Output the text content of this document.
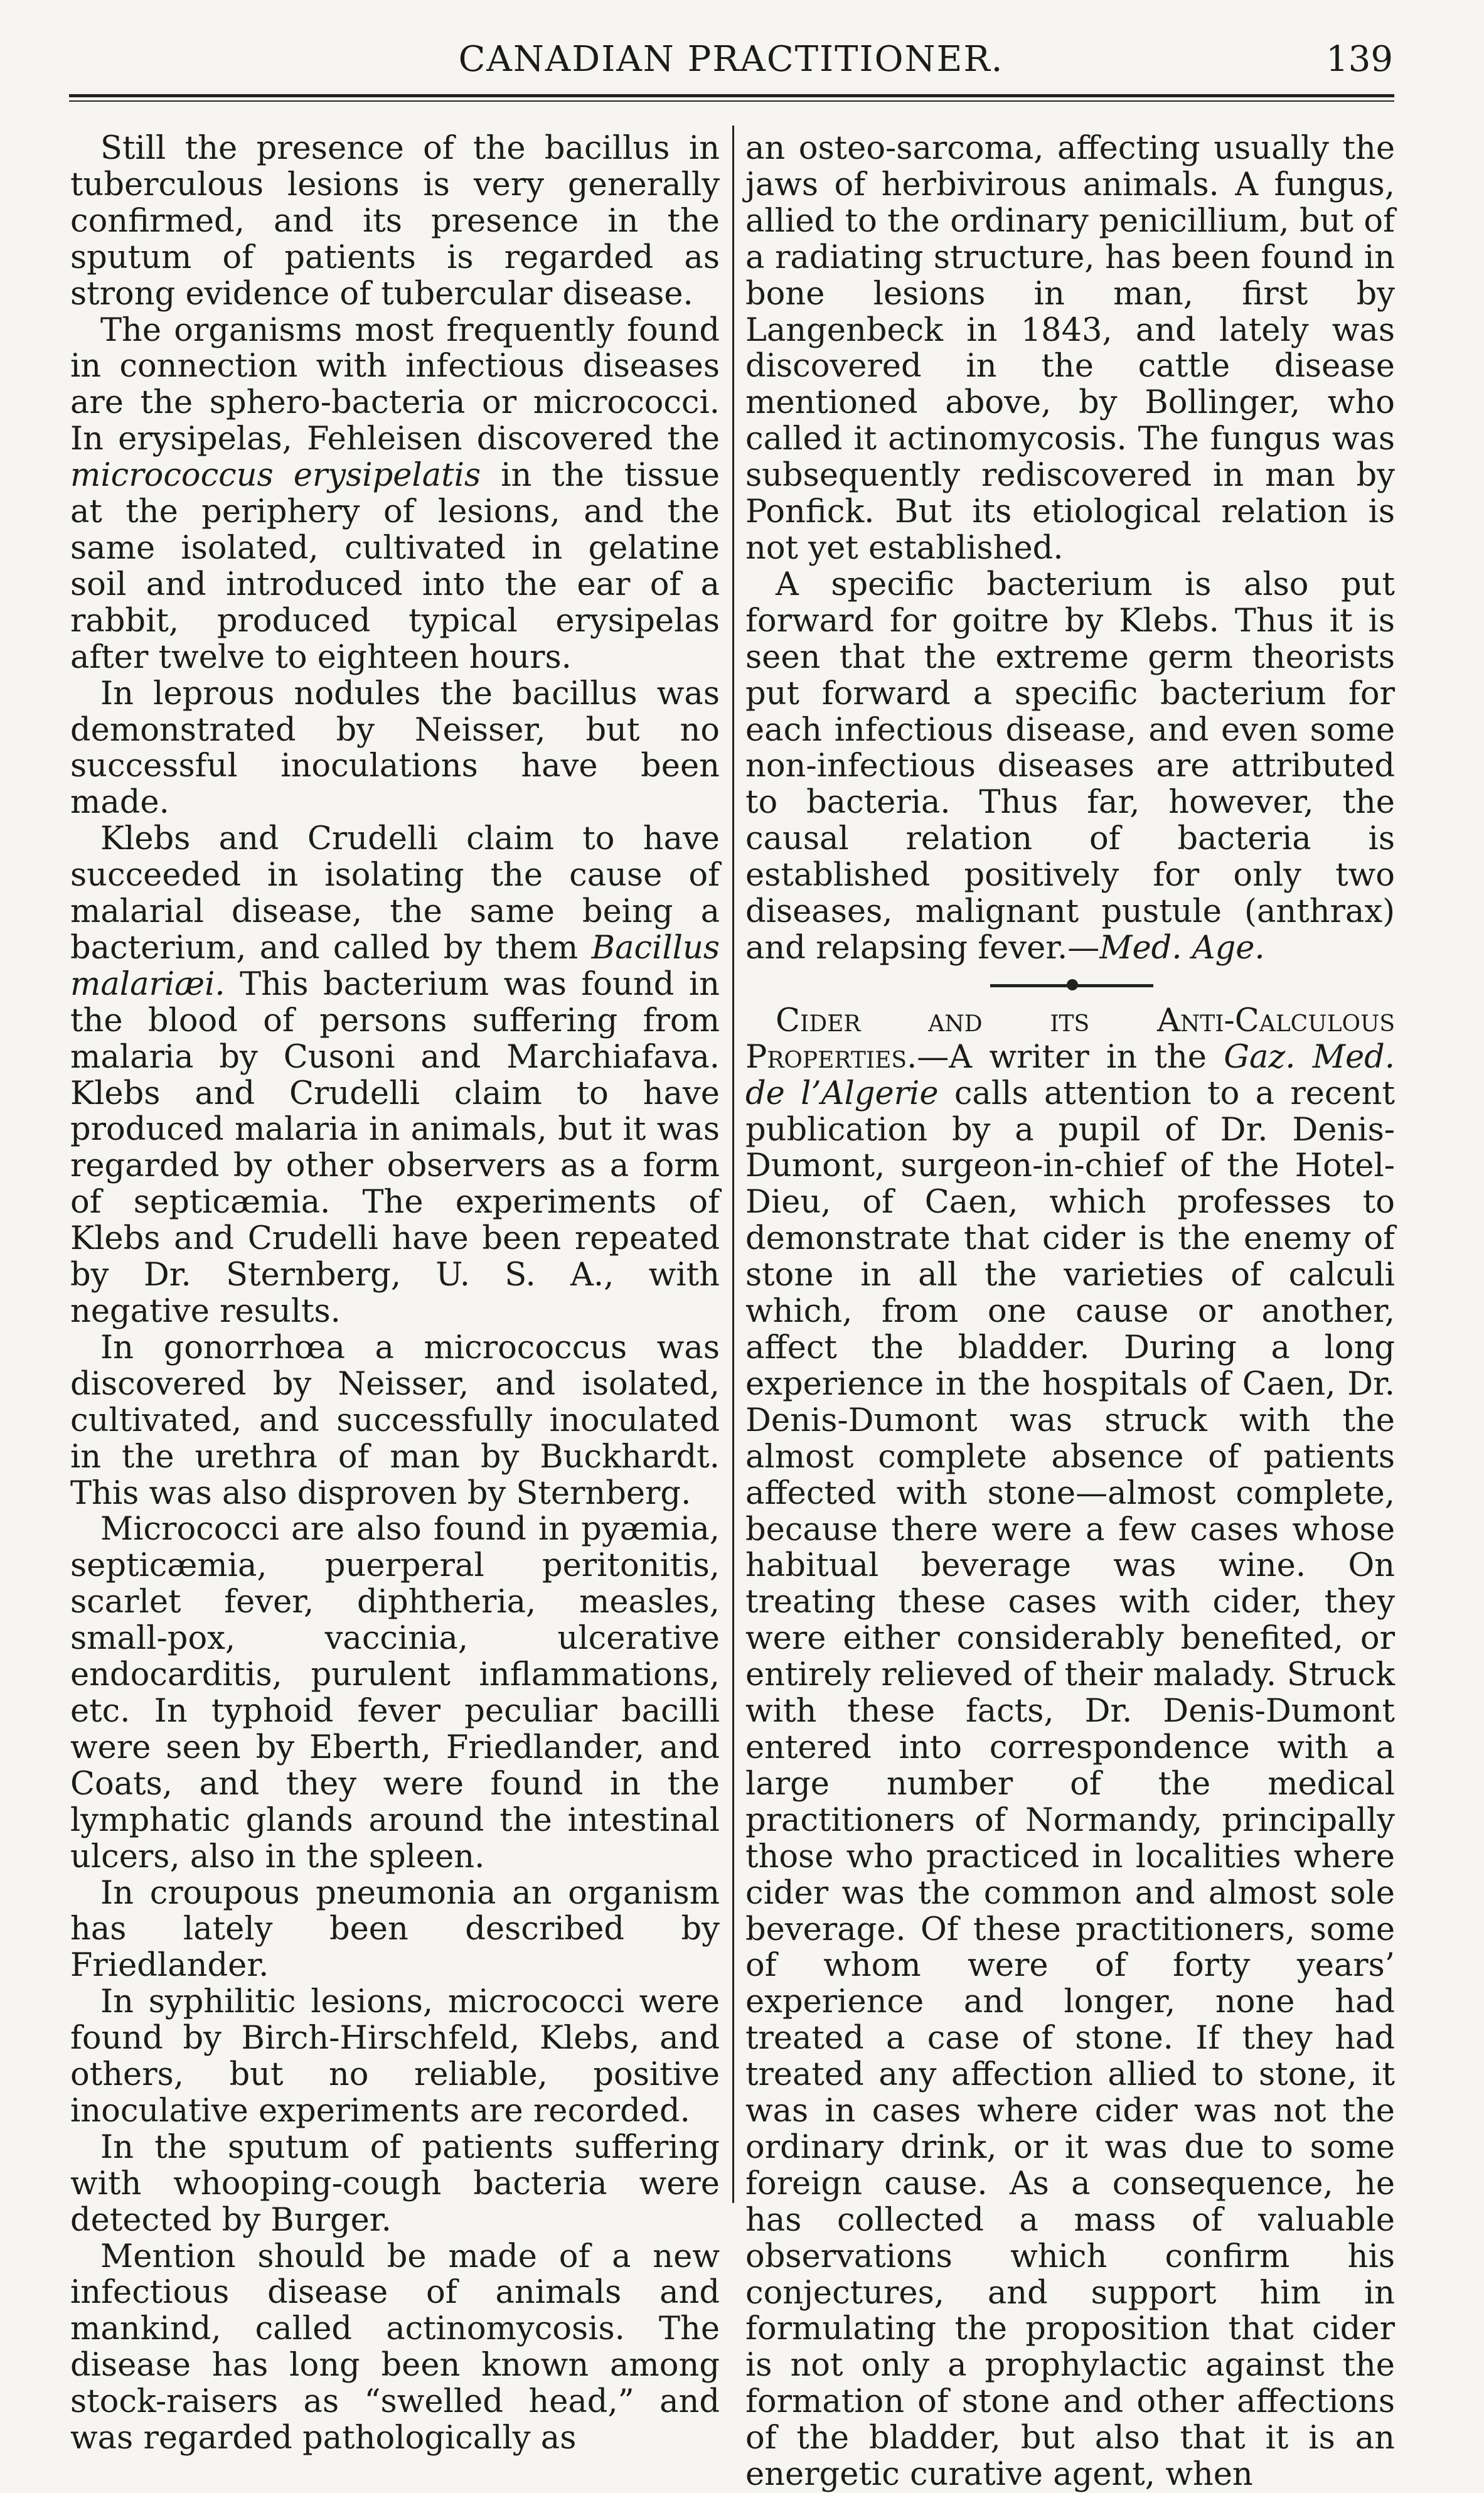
CANADIAN PRACTITIONER.	139

Still the presence of the bacillus in tuberculous lesions is very generally confirmed, and its presence in the sputum of patients is regarded as strong evidence of tubercular disease.

The organisms most frequently found in connection with infectious diseases are the sphero-bacteria or micrococci. In erysipelas, Fehleisen discovered the micrococcus erysipelatis in the tissue at the periphery of lesions, and the same isolated, cultivated in gelatine soil and introduced into the ear of a rabbit, produced typical erysipelas after twelve to eighteen hours.

In leprous nodules the bacillus was demonstrated by Neisser, but no successful inoculations have been made.

Klebs and Crudelli claim to have succeeded in isolating the cause of malarial disease, the same being a bacterium, and called by them Bacillus malariæi. This bacterium was found in the blood of persons suffering from malaria by Cusoni and Marchiafava. Klebs and Crudelli claim to have produced malaria in animals, but it was regarded by other observers as a form of septicæmia. The experiments of Klebs and Crudelli have been repeated by Dr. Sternberg, U. S. A., with negative results.

In gonorrhœa a micrococcus was discovered by Neisser, and isolated, cultivated, and successfully inoculated in the urethra of man by Buckhardt. This was also disproven by Sternberg.

Micrococci are also found in pyæmia, septicæmia, puerperal peritonitis, scarlet fever, diphtheria, measles, small-pox, vaccinia, ulcerative endocarditis, purulent inflammations, etc. In typhoid fever peculiar bacilli were seen by Eberth, Friedlander, and Coats, and they were found in the lymphatic glands around the intestinal ulcers, also in the spleen.

In croupous pneumonia an organism has lately been described by Friedlander.

In syphilitic lesions, micrococci were found by Birch-Hirschfeld, Klebs, and others, but no reliable, positive inoculative experiments are recorded.

In the sputum of patients suffering with whooping-cough bacteria were detected by Burger.

Mention should be made of a new infectious disease of animals and mankind, called actinomycosis. The disease has long been known among stock-raisers as “swelled head,” and was regarded pathologically as

an osteo-sarcoma, affecting usually the jaws of herbivirous animals. A fungus, allied to the ordinary penicillium, but of a radiating structure, has been found in bone lesions in man, first by Langenbeck in 1843, and lately was discovered in the cattle disease mentioned above, by Bollinger, who called it actinomycosis. The fungus was subsequently rediscovered in man by Ponfick. But its etiological relation is not yet established.

A specific bacterium is also put forward for goitre by Klebs. Thus it is seen that the extreme germ theorists put forward a specific bacterium for each infectious disease, and even some non-infectious diseases are attributed to bacteria. Thus far, however, the causal relation of bacteria is established positively for only two diseases, malignant pustule (anthrax) and relapsing fever.—Med. Age.

Cider and its Anti-Calculous Properties.—A writer in the Gaz. Med. de l’Algerie calls attention to a recent publication by a pupil of Dr. Denis-Dumont, surgeon-in-chief of the Hotel-Dieu, of Caen, which professes to demonstrate that cider is the enemy of stone in all the varieties of calculi which, from one cause or another, affect the bladder. During a long experience in the hospitals of Caen, Dr. Denis-Dumont was struck with the almost complete absence of patients affected with stone—almost complete, because there were a few cases whose habitual beverage was wine. On treating these cases with cider, they were either considerably benefited, or entirely relieved of their malady. Struck with these facts, Dr. Denis-Dumont entered into correspondence with a large number of the medical practitioners of Normandy, principally those who practiced in localities where cider was the common and almost sole beverage. Of these practitioners, some of whom were of forty years’ experience and longer, none had treated a case of stone. If they had treated any affection allied to stone, it was in cases where cider was not the ordinary drink, or it was due to some foreign cause. As a consequence, he has collected a mass of valuable observations which confirm his conjectures, and support him in formulating the proposition that cider is not only a prophylactic against the formation of stone and other affections of the bladder, but also that it is an energetic curative agent, when
